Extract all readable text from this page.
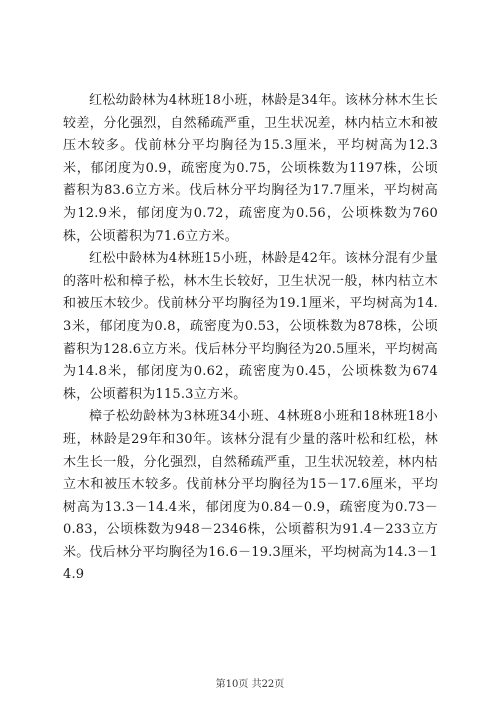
红松幼龄林为4林班18小班，林龄是34年。该林分林木生长较差，分化强烈，自然稀疏严重，卫生状况差，林内枯立木和被压木较多。伐前林分平均胸径为15.3厘米，平均树高为12.3米，郁闭度为0.9，疏密度为0.75，公顷株数为1197株，公顷蓄积为83.6立方米。伐后林分平均胸径为17.7厘米，平均树高为12.9米，郁闭度为0.72，疏密度为0.56，公顷株数为760株，公顷蓄积为71.6立方米。

红松中龄林为4林班15小班，林龄是42年。该林分混有少量的落叶松和樟子松，林木生长较好，卫生状况一般，林内枯立木和被压木较少。伐前林分平均胸径为19.1厘米，平均树高为14.3米，郁闭度为0.8，疏密度为0.53，公顷株数为878株，公顷蓄积为128.6立方米。伐后林分平均胸径为20.5厘米，平均树高为14.8米，郁闭度为0.62，疏密度为0.45，公顷株数为674株，公顷蓄积为115.3立方米。

樟子松幼龄林为3林班34小班、4林班8小班和18林班18小班，林龄是29年和30年。该林分混有少量的落叶松和红松，林木生长一般，分化强烈，自然稀疏严重，卫生状况较差，林内枯立木和被压木较多。伐前林分平均胸径为15－17.6厘米，平均树高为13.3－14.4米，郁闭度为0.84－0.9，疏密度为0.73－0.83，公顷株数为948－2346株，公顷蓄积为91.4－233立方米。伐后林分平均胸径为16.6－19.3厘米，平均树高为14.3－14.9

第10页 共22页
